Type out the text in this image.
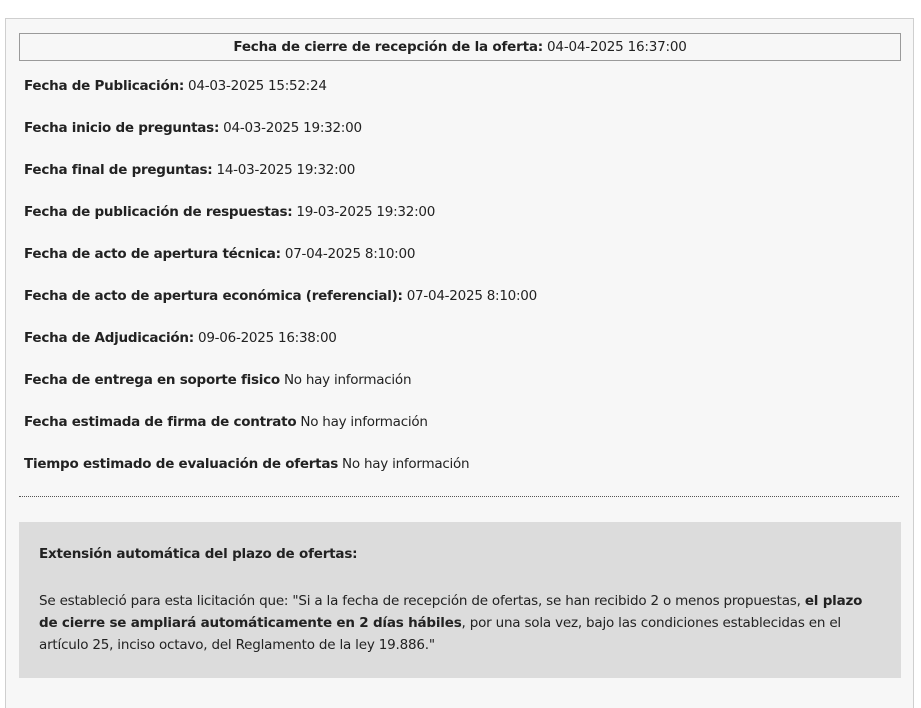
Fecha de cierre de recepción de la oferta:
04-04-2025 16:37:00
Fecha de Publicación: 04-03-2025 15:52:24
Fecha inicio de preguntas: 04-03-2025 19:32:00
Fecha final de preguntas: 14-03-2025 19:32:00
Fecha de publicación de respuestas: 19-03-2025 19:32:00
Fecha de acto de apertura técnica: 07-04-2025 8:10:00
Fecha de acto de apertura económica (referencial): 07-04-2025 8:10:00
Fecha de Adjudicación: 09-06-2025 16:38:00
Fecha de entrega en soporte fisico No hay información
Fecha estimada de firma de contrato No hay información
Tiempo estimado de evaluación de ofertas No hay información

Extensión automática del plazo de ofertas:

Se estableció para esta licitación que: "Si a la fecha de recepción de ofertas, se han recibido 2 o menos propuestas, el plazo de cierre se ampliará automáticamente en 2 días hábiles, por una sola vez, bajo las condiciones establecidas en el artículo 25, inciso octavo, del Reglamento de la ley 19.886."
